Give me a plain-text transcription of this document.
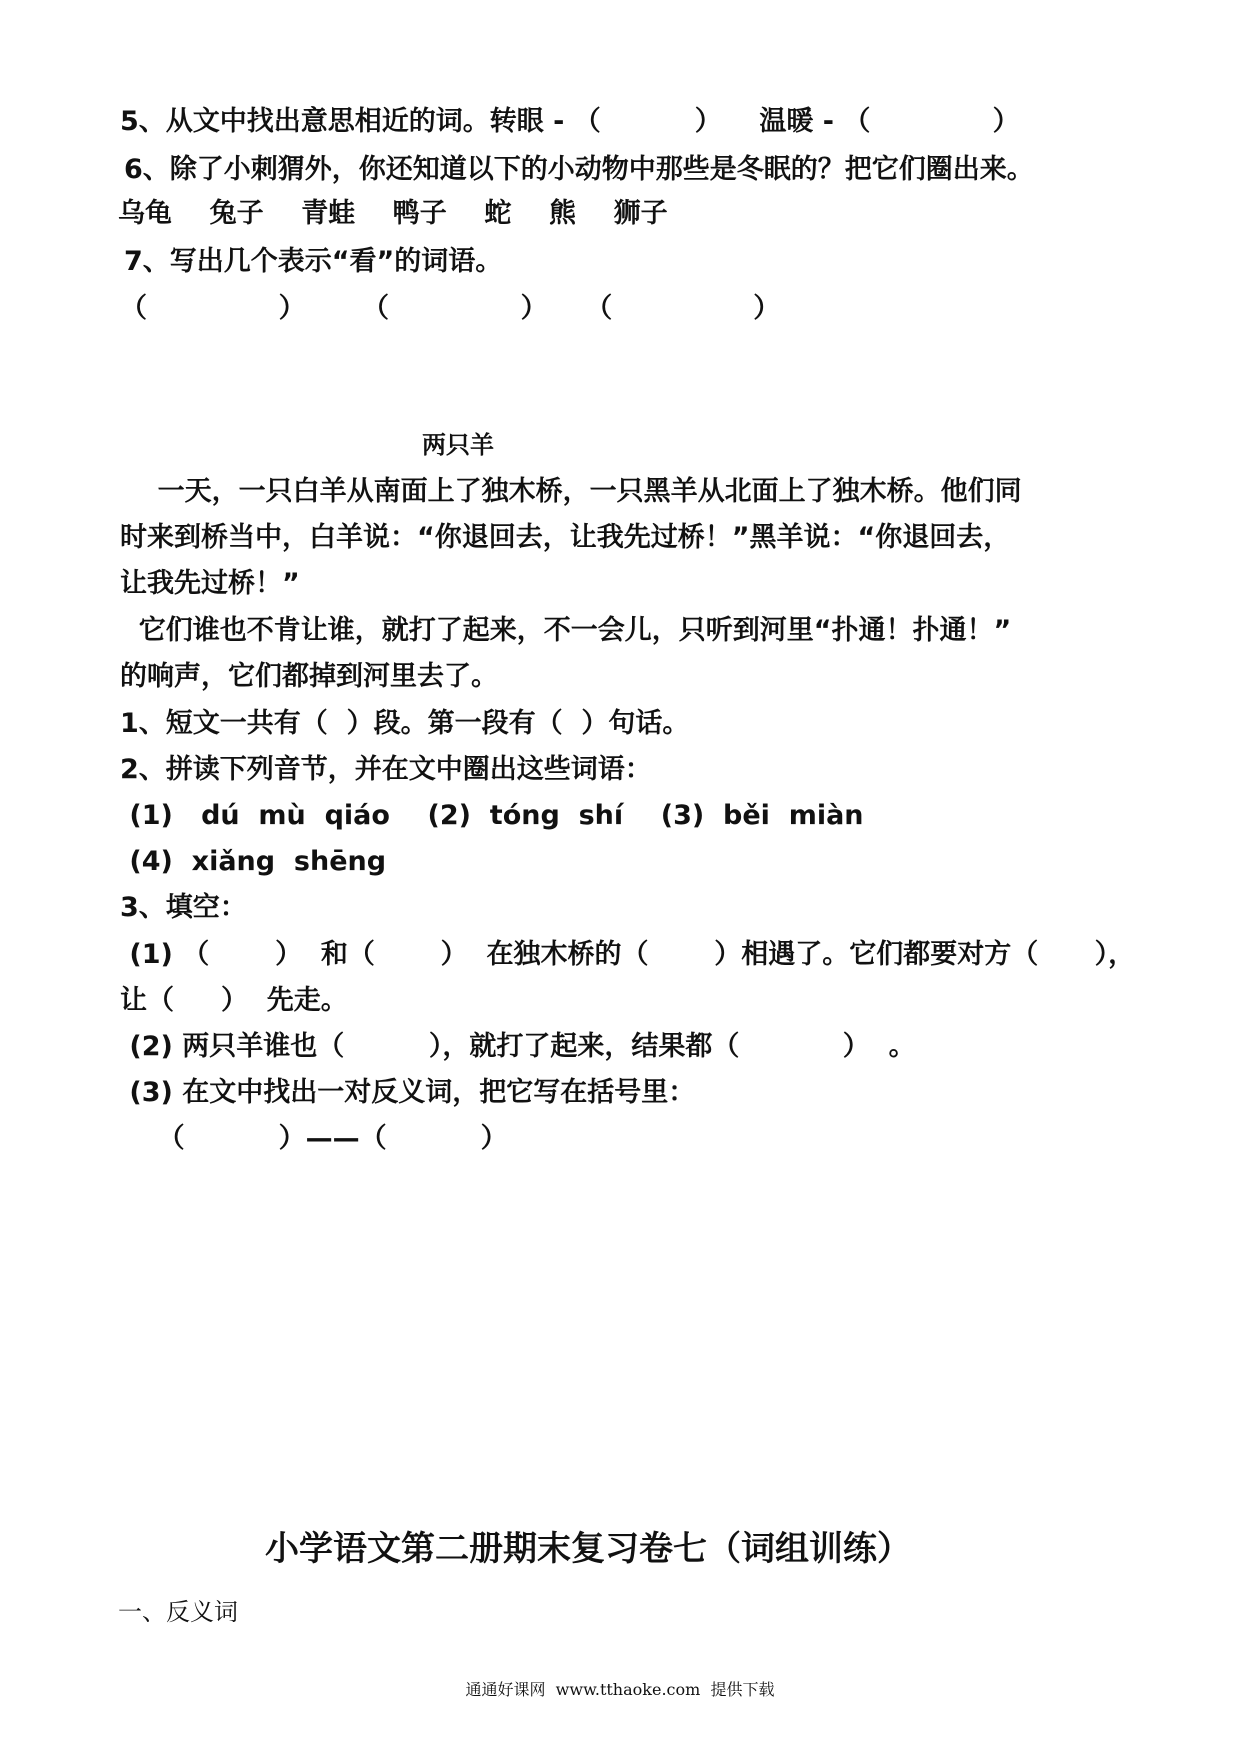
5、从文中找出意思相近的词。转眼 - （          ）    温暖 - （             ）
6、除了小刺猬外，你还知道以下的小动物中那些是冬眠的？把它们圈出来。
乌龟    兔子    青蛙    鸭子    蛇    熊    狮子
7、写出几个表示“看”的词语。
（              ）      （              ）    （               ）
两只羊
一天，一只白羊从南面上了独木桥，一只黑羊从北面上了独木桥。他们同
时来到桥当中，白羊说：“你退回去，让我先过桥！”黑羊说：“你退回去，
让我先过桥！”
它们谁也不肯让谁，就打了起来，不一会儿，只听到河里“扑通！扑通！”
的响声，它们都掉到河里去了。
1、短文一共有（  ）段。第一段有（  ）句话。
2、拼读下列音节，并在文中圈出这些词语：
(1)   dú  mù  qiáo    (2)  tóng  shí    (3)  běi  miàn
(4)  xiǎng  shēng
3、填空：
(1) （       ）  和（       ）  在独木桥的（       ）相遇了。它们都要对方（      ），
让（     ）  先走。
(2) 两只羊谁也（         ），就打了起来，结果都（           ）  。
(3) 在文中找出一对反义词，把它写在括号里：
（          ）——（          ）
小学语文第二册期末复习卷七（词组训练）
一、反义词
通通好课网  www.tthaoke.com  提供下载
